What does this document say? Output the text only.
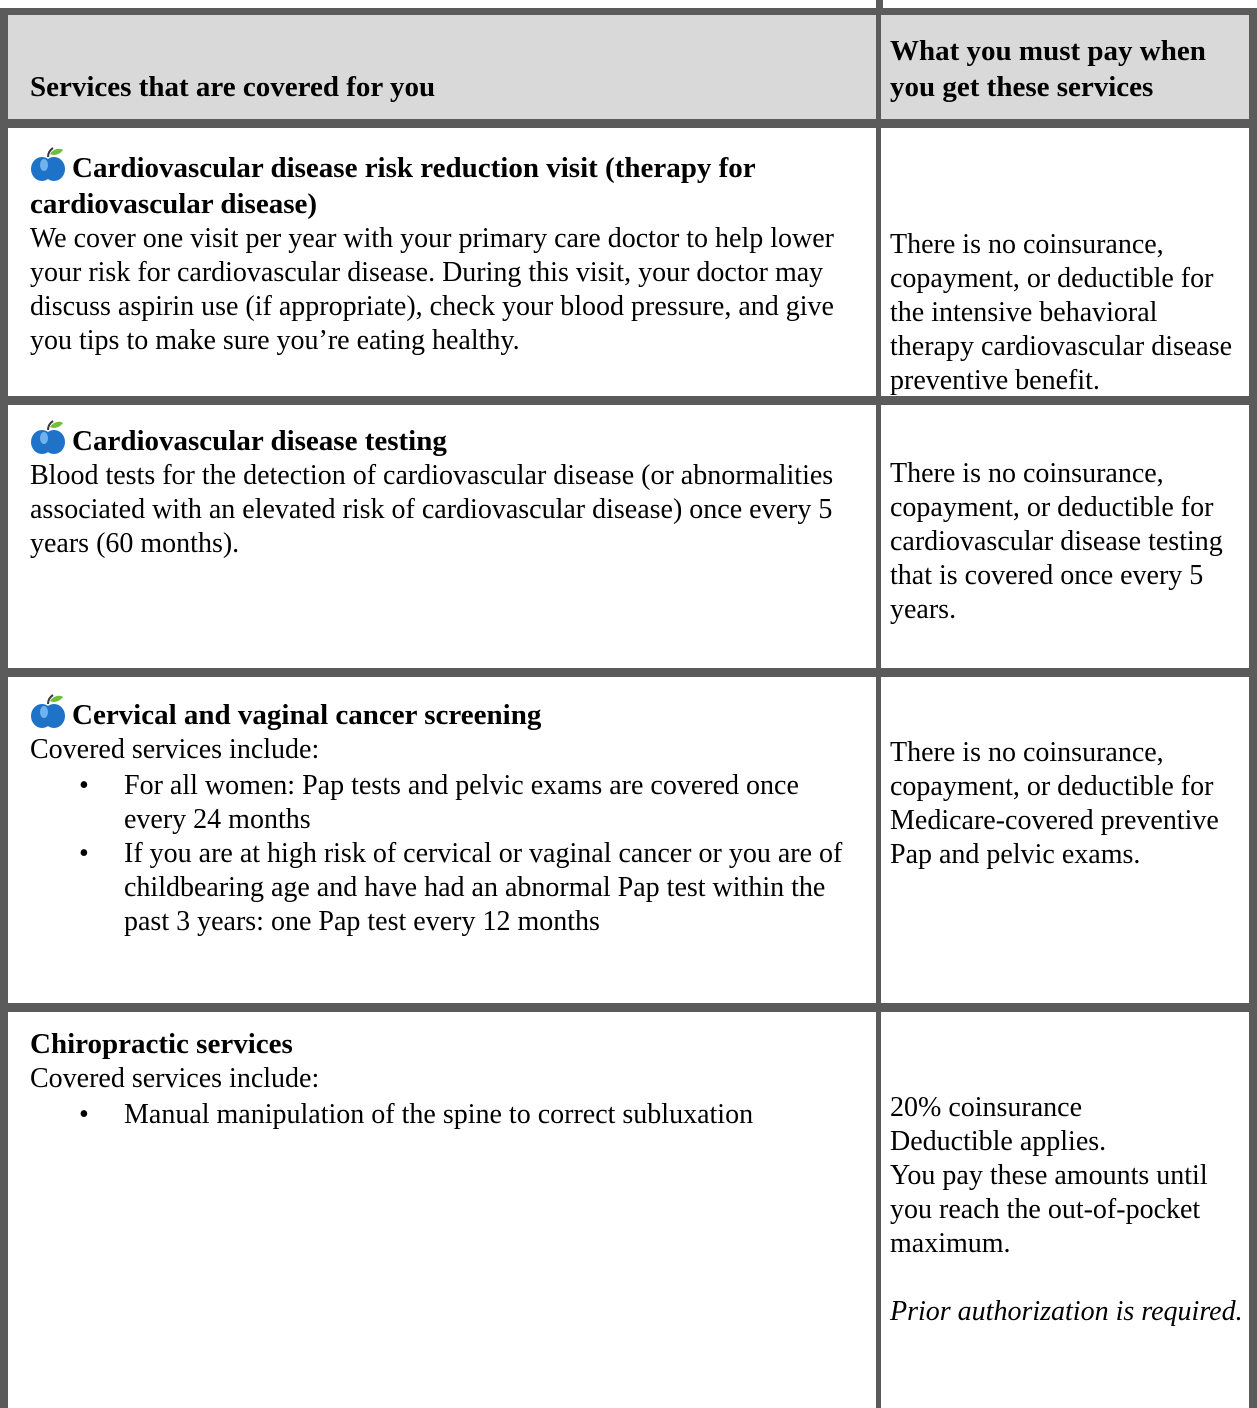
Services that are covered for you
What you must pay when you get these services
Cardiovascular disease risk reduction visit (therapy for cardiovascular disease)
We cover one visit per year with your primary care doctor to help lower your risk for cardiovascular disease. During this visit, your doctor may discuss aspirin use (if appropriate), check your blood pressure, and give you tips to make sure you’re eating healthy.
There is no coinsurance, copayment, or deductible for the intensive behavioral therapy cardiovascular disease preventive benefit.
Cardiovascular disease testing
Blood tests for the detection of cardiovascular disease (or abnormalities associated with an elevated risk of cardiovascular disease) once every 5 years (60 months).
There is no coinsurance, copayment, or deductible for cardiovascular disease testing that is covered once every 5 years.
Cervical and vaginal cancer screening
Covered services include:
• For all women: Pap tests and pelvic exams are covered once every 24 months
• If you are at high risk of cervical or vaginal cancer or you are of childbearing age and have had an abnormal Pap test within the past 3 years: one Pap test every 12 months
There is no coinsurance, copayment, or deductible for Medicare-covered preventive Pap and pelvic exams.
Chiropractic services
Covered services include:
• Manual manipulation of the spine to correct subluxation	20% coinsurance
Deductible applies.
You pay these amounts until you reach the out-of-pocket maximum.
Prior authorization is required.
